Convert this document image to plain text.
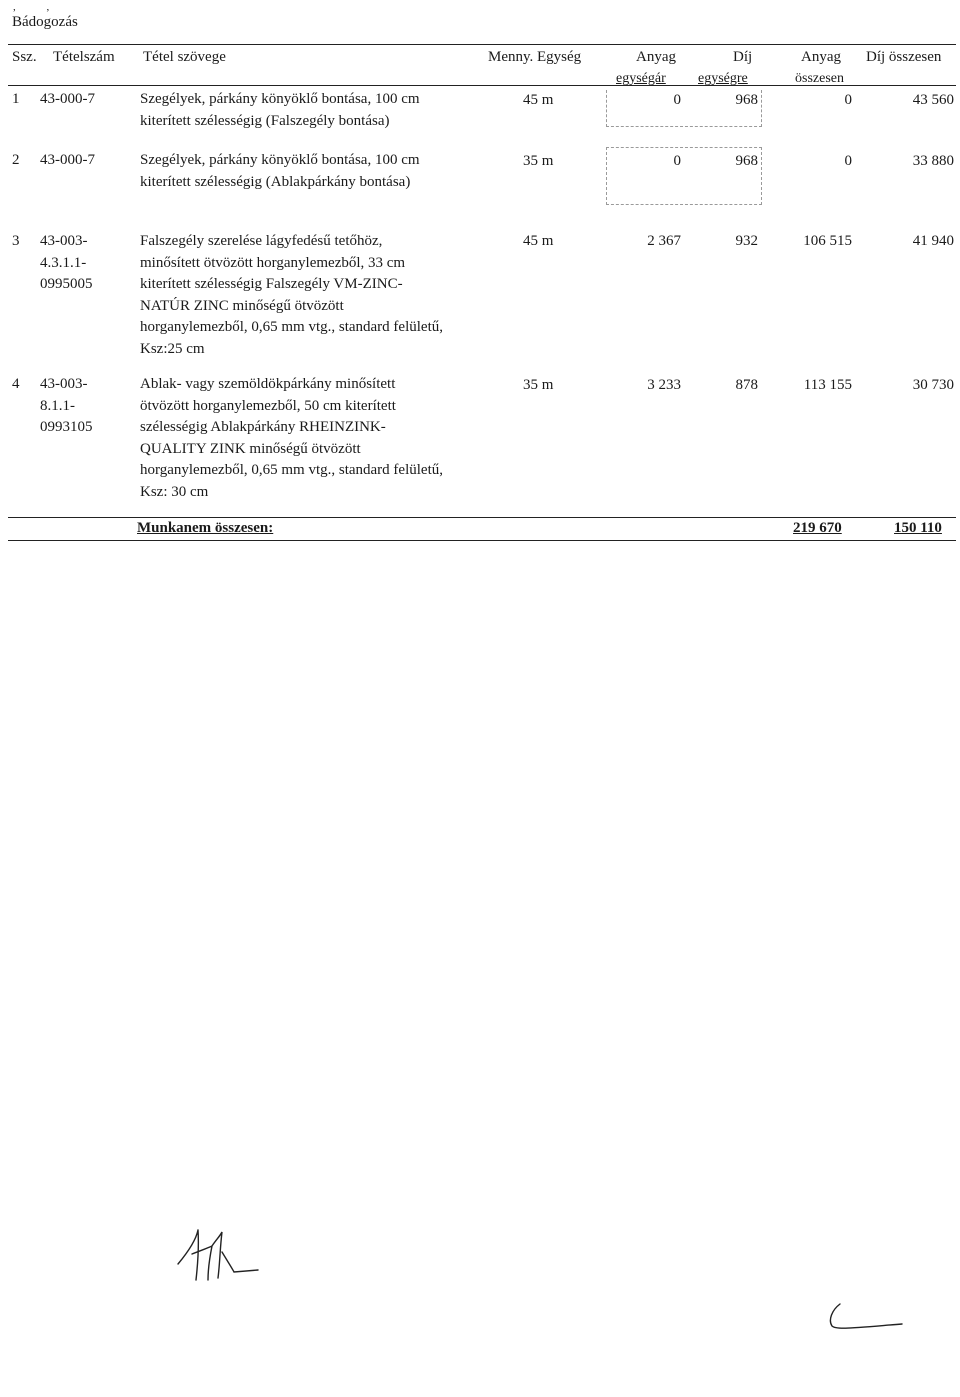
, ,
Bádogozás
Ssz. Tételszám Tétel szövege	Menny. Egység	Anyag
egységár
Díj
egységre
Anyag
összesen
Díj összesen
1 43-000-7	Szegélyek, párkány könyöklő bontása, 100 cm
kiterített szélességig (Falszegély bontása)
45 m	0	968	0	43 560
2 43-000-7	Szegélyek, párkány könyöklő bontása, 100 cm
kiterített szélességig (Ablakpárkány bontása)
35 m	0	968	0	33 880
3 43-003-
4.3.1.1-
0995005
Falszegély szerelése lágyfedésű tetőhöz,
minősített ötvözött horganylemezből, 33 cm
kiterített szélességig Falszegély VM-ZINC-
NATÚR ZINC minőségű ötvözött
horganylemezből, 0,65 mm vtg., standard felületű,
Ksz:25 cm
45 m	2 367	932	106 515	41 940
4 43-003-
8.1.1-
0993105
Ablak- vagy szemöldökpárkány minősített
ötvözött horganylemezből, 50 cm kiterített
szélességig Ablakpárkány RHEINZINK-
QUALITY ZINK minőségű ötvözött
horganylemezből, 0,65 mm vtg., standard felületű,
Ksz: 30 cm
35 m	3 233	878	113 155	30 730
Munkanem összesen:	219 670	150 110
